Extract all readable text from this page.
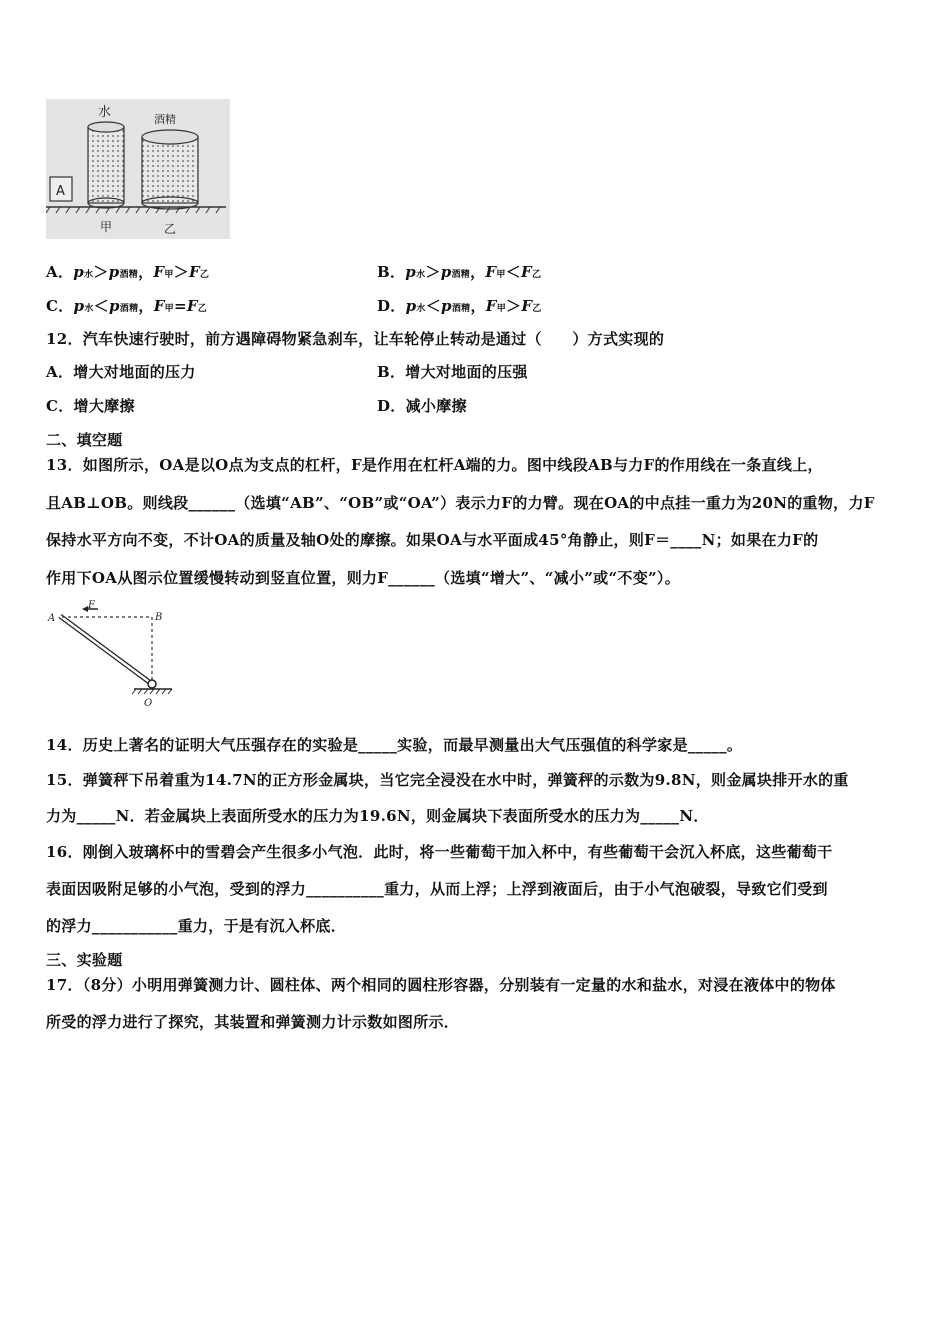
A
水	酒精
甲	乙
A．p水＞p酒精，F甲＞F乙	B．p水＞p酒精，F甲＜F乙
C．p水＜p酒精，F甲=F乙	D．p水＜p酒精，F甲＞F乙
12．汽车快速行驶时，前方遇障碍物紧急刹车，让车轮停止转动是通过（　　）方式实现的
A．增大对地面的压力	B．增大对地面的压强
C．增大摩擦	D．减小摩擦
二、填空题
13．如图所示，OA是以O点为支点的杠杆，F是作用在杠杆A端的力。图中线段AB与力F的作用线在一条直线上，
且AB⊥OB。则线段______（选填“AB”、“OB”或“OA”）表示力F的力臂。现在OA的中点挂一重力为20N的重物，力F
保持水平方向不变，不计OA的质量及轴O处的摩擦。如果OA与水平面成45°角静止，则F＝____N；如果在力F的
作用下OA从图示位置缓慢转动到竖直位置，则力F______（选填“增大”、“减小”或“不变”）。
A
F
B
O
14．历史上著名的证明大气压强存在的实验是_____实验，而最早测量出大气压强值的科学家是_____。
15．弹簧秤下吊着重为14.7N的正方形金属块，当它完全浸没在水中时，弹簧秤的示数为9.8N，则金属块排开水的重
力为_____N．若金属块上表面所受水的压力为19.6N，则金属块下表面所受水的压力为_____N．
16．刚倒入玻璃杯中的雪碧会产生很多小气泡．此时，将一些葡萄干加入杯中，有些葡萄干会沉入杯底，这些葡萄干
表面因吸附足够的小气泡，受到的浮力__________重力，从而上浮；上浮到液面后，由于小气泡破裂，导致它们受到
的浮力___________重力，于是有沉入杯底．
三、实验题
17．（8分）小明用弹簧测力计、圆柱体、两个相同的圆柱形容器，分别装有一定量的水和盐水，对浸在液体中的物体
所受的浮力进行了探究，其装置和弹簧测力计示数如图所示．
